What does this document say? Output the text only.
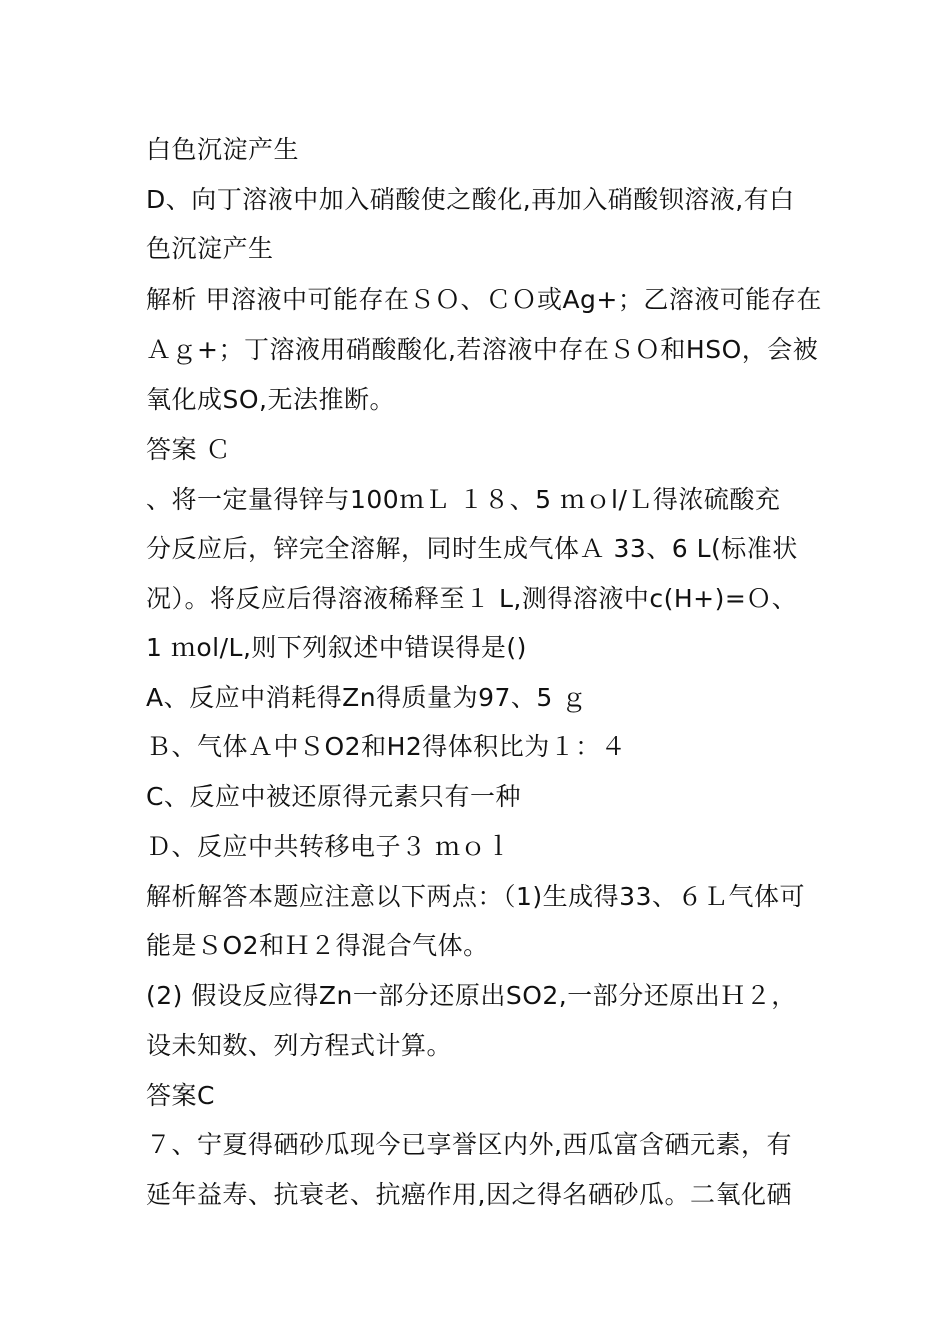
白色沉淀产生
D、向丁溶液中加入硝酸使之酸化,再加入硝酸钡溶液,有白
色沉淀产生
解析 甲溶液中可能存在ＳＯ、ＣＯ或Ag+；乙溶液可能存在
Ａｇ+；丁溶液用硝酸酸化,若溶液中存在ＳＯ和HSO，会被
氧化成SO,无法推断。
答案 Ｃ
、将一定量得锌与100ｍＬ １８、5 ｍｏl/Ｌ得浓硫酸充
分反应后，锌完全溶解，同时生成气体Ａ 33、6 L(标准状
况）。将反应后得溶液稀释至１ L,测得溶液中c(H+)=Ｏ、
1 ｍol/L,则下列叙述中错误得是()
A、反应中消耗得Zn得质量为97、5 ｇ
Ｂ、气体Ａ中ＳO2和H2得体积比为１：４
C、反应中被还原得元素只有一种
Ｄ、反应中共转移电子３ ｍｏｌ
解析解答本题应注意以下两点：（1)生成得33、６Ｌ气体可
能是ＳO2和Ｈ２得混合气体。
(2) 假设反应得Zn一部分还原出SO2,一部分还原出Ｈ２，
设未知数、列方程式计算。
答案C
７、宁夏得硒砂瓜现今已享誉区内外,西瓜富含硒元素，有
延年益寿、抗衰老、抗癌作用,因之得名硒砂瓜。二氧化硒
